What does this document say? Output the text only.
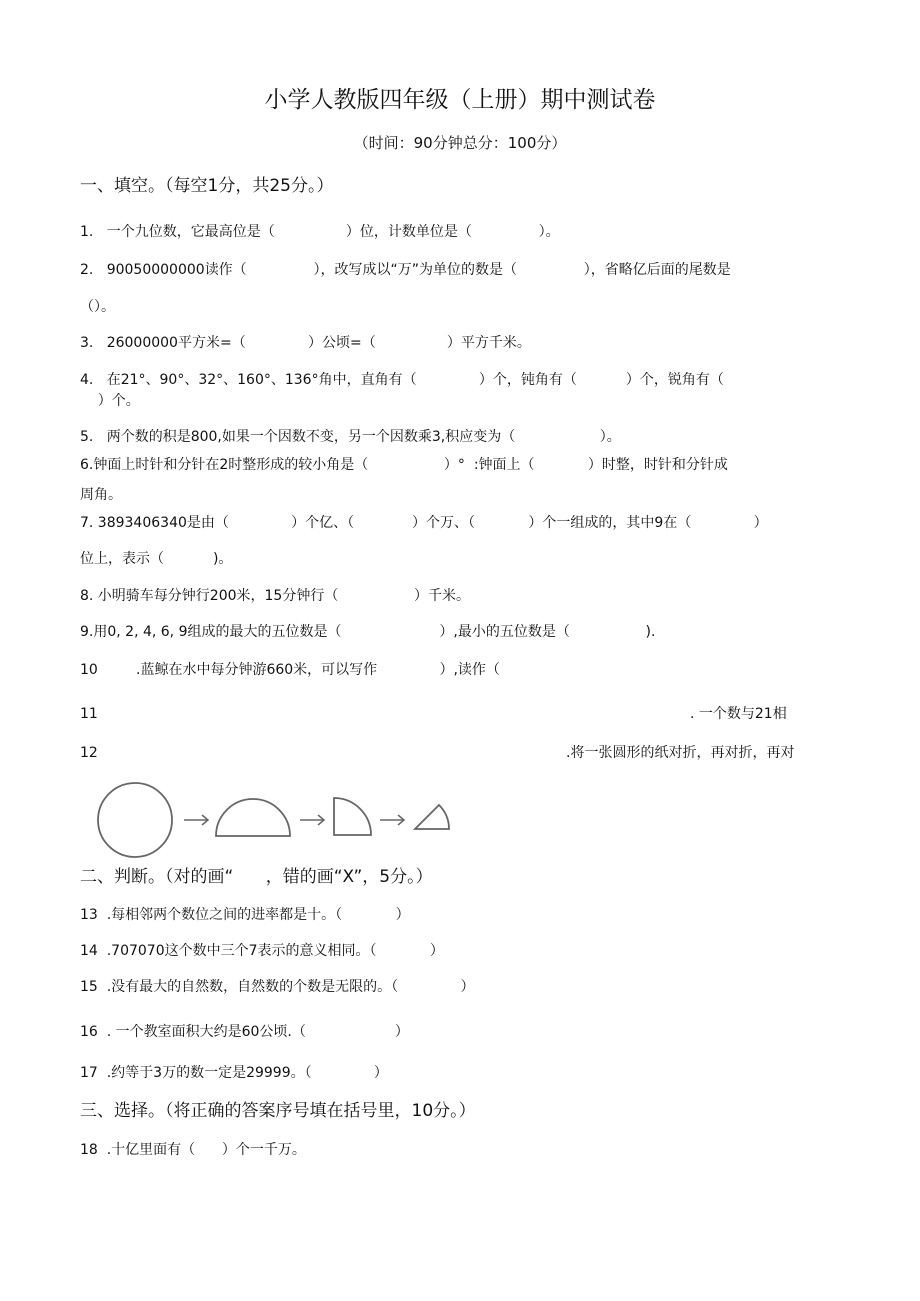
小学人教版四年级（上册）期中测试卷
（时间：90分钟总分：100分）
一、填空。（每空1分，共25分。）
1.   一个九位数，它最高位是（                ）位，计数单位是（               ）。
2.   90050000000读作（               ），改写成以“万”为单位的数是（               ），省略亿后面的尾数是
（）。
3.   26000000平方米=（              ）公顷=（                ）平方千米。
4.   在21°、90°、32°、160°、136°角中，直角有（              ）个，钝角有（           ）个，锐角有（
）个。
5.   两个数的积是800,如果一个因数不变，另一个因数乘3,积应变为（                   ）。
6.钟面上时针和分针在2时整形成的较小角是（                 ）°  :钟面上（            ）时整，时针和分针成
周角。
7. 3893406340是由（              ）个亿、（             ）个万、（            ）个一组成的，其中9在（              ）
位上，表示（           )。
8. 小明骑车每分钟行200米，15分钟行（                 ）千米。
9.用0, 2, 4, 6, 9组成的最大的五位数是（                      ）,最小的五位数是（                 ).
10	.蓝鲸在水中每分钟游660米，可以写作              ）,读作（
11	. 一个数与21相
12	.将一张圆形的纸对折，再对折，再对
二、判断。（对的画“      ，错的画“X”，5分。）
13  .每相邻两个数位之间的进率都是十。（            ）
14  .707070这个数中三个7表示的意义相同。（            ）
15  .没有最大的自然数，自然数的个数是无限的。（              ）
16  . 一个教室面积大约是60公顷.（                    ）
17  .约等于3万的数一定是29999。（              ）
三、选择。（将正确的答案序号填在括号里，10分。）
18  .十亿里面有（      ）个一千万。
